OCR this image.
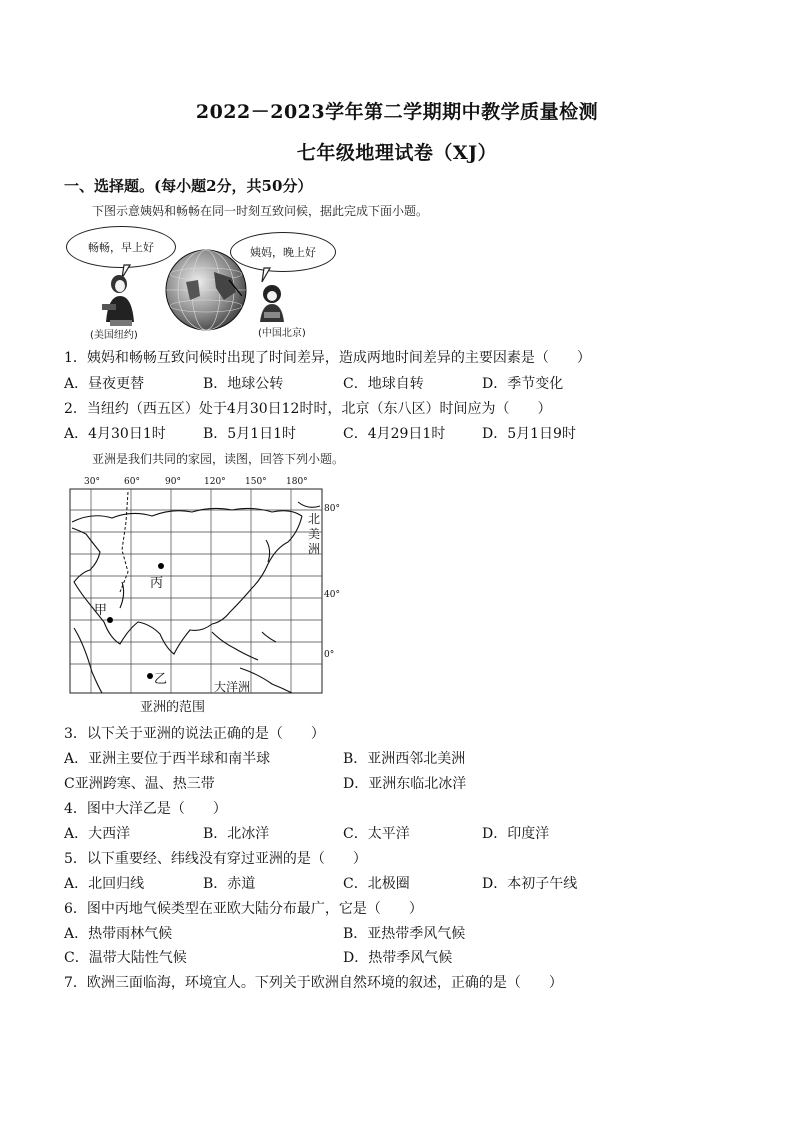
2022－2023学年第二学期期中教学质量检测
七年级地理试卷（XJ）
一、选择题。(每小题2分，共50分）
下图示意姨妈和畅畅在同一时刻互致问候，据此完成下面小题。
畅畅，早上好	姨妈，晚上好
(美国纽约)	(中国北京)
1．姨妈和畅畅互致问候时出现了时间差异，造成两地时间差异的主要因素是（　　）
A．昼夜更替	B．地球公转	C．地球自转	D．季节变化
2．当纽约（西五区）处于4月30日12时时，北京（东八区）时间应为（　　）
A．4月30日1时	B．5月1日1时	C．4月29日1时	D．5月1日9时
亚洲是我们共同的家园，读图，回答下列小题。
30°	60°	90°	120° 150° 180°
80°
40°
0°
丙
甲
乙
北美洲
大洋洲
亚洲的范围
3．以下关于亚洲的说法正确的是（　　）
A．亚洲主要位于西半球和南半球	B．亚洲西邻北美洲
C亚洲跨寒、温、热三带	D．亚洲东临北冰洋
4．图中大洋乙是（　　）
A．大西洋	B．北冰洋	C．太平洋	D．印度洋
5．以下重要经、纬线没有穿过亚洲的是（　　）
A．北回归线	B．赤道	C．北极圈	D．本初子午线
6．图中丙地气候类型在亚欧大陆分布最广，它是（　　）
A．热带雨林气候	B．亚热带季风气候
C．温带大陆性气候	D．热带季风气候
7．欧洲三面临海，环境宜人。下列关于欧洲自然环境的叙述，正确的是（　　）
